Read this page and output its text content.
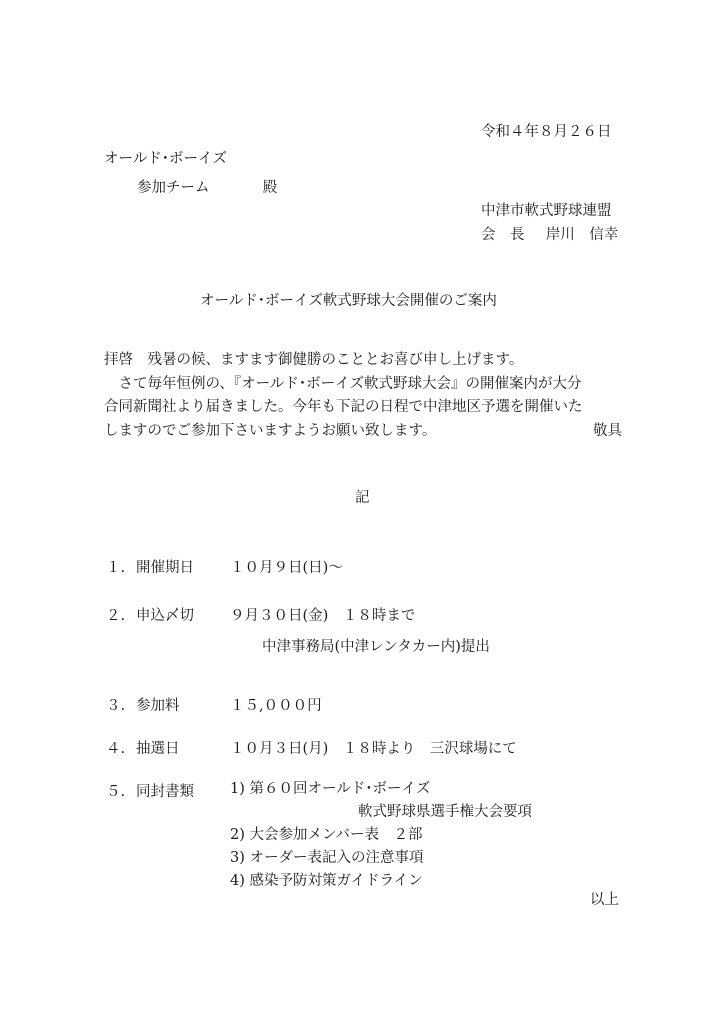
令和４年８月２６日
オールド･ボーイズ
参加チーム	殿
中津市軟式野球連盟
会　長 岸川　信幸
オールド･ボーイズ軟式野球大会開催のご案内

拝啓　残暑の候、ますます御健勝のこととお喜び申し上げます。

　さて毎年恒例の、『オールド･ボーイズ軟式野球大会』の開催案内が大分

合同新聞社より届きました。今年も下記の日程で中津地区予選を開催いた

しますのでご参加下さいますようお願い致します。	敬具

記
１. 開催期日 １０月９日(日)～
２. 申込〆切 ９月３０日(金)　１８時まで
中津事務局(中津レンタカー内)提出
３. 参加料	１５,０００円
４. 抽選日	１０月３日(月)　１８時より　三沢球場にて
５. 同封書類	1) 第６０回オールド･ボーイズ
軟式野球県選手権大会要項
2) 大会参加メンバー表　２部
3) オーダー表記入の注意事項
4) 感染予防対策ガイドライン
以上
